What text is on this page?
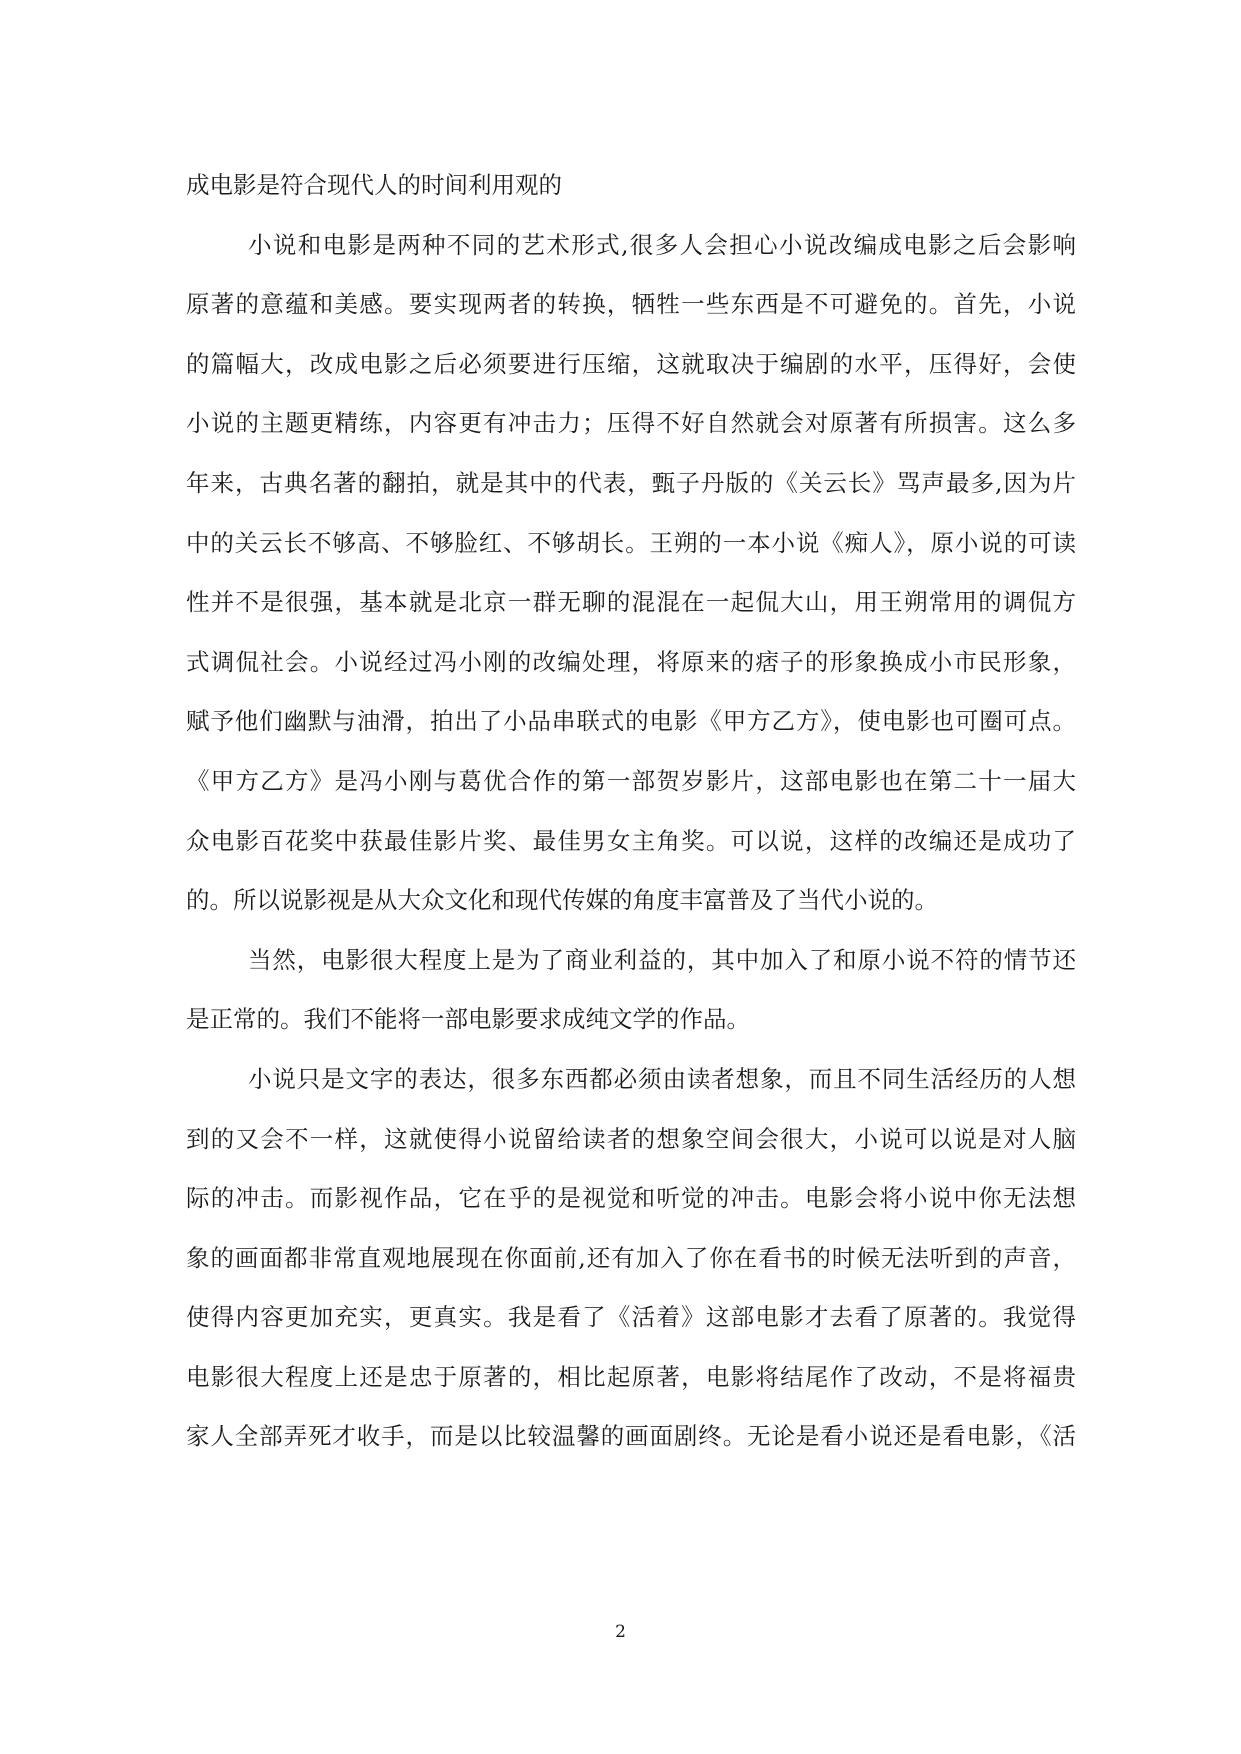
成电影是符合现代人的时间利用观的
小说和电影是两种不同的艺术形式,很多人会担心小说改编成电影之后会影响
原著的意蕴和美感。要实现两者的转换，牺牲一些东西是不可避免的。首先，小说
的篇幅大，改成电影之后必须要进行压缩，这就取决于编剧的水平，压得好，会使
小说的主题更精练，内容更有冲击力；压得不好自然就会对原著有所损害。这么多
年来，古典名著的翻拍，就是其中的代表，甄子丹版的《关云长》骂声最多,因为片
中的关云长不够高、不够脸红、不够胡长。王朔的一本小说《痴人》，原小说的可读
性并不是很强，基本就是北京一群无聊的混混在一起侃大山，用王朔常用的调侃方
式调侃社会。小说经过冯小刚的改编处理，将原来的痞子的形象换成小市民形象，
赋予他们幽默与油滑，拍出了小品串联式的电影《甲方乙方》，使电影也可圈可点。
《甲方乙方》是冯小刚与葛优合作的第一部贺岁影片，这部电影也在第二十一届大
众电影百花奖中获最佳影片奖、最佳男女主角奖。可以说，这样的改编还是成功了
的。所以说影视是从大众文化和现代传媒的角度丰富普及了当代小说的。
当然，电影很大程度上是为了商业利益的，其中加入了和原小说不符的情节还
是正常的。我们不能将一部电影要求成纯文学的作品。
小说只是文字的表达，很多东西都必须由读者想象，而且不同生活经历的人想
到的又会不一样，这就使得小说留给读者的想象空间会很大，小说可以说是对人脑
际的冲击。而影视作品，它在乎的是视觉和听觉的冲击。电影会将小说中你无法想
象的画面都非常直观地展现在你面前,还有加入了你在看书的时候无法听到的声音，
使得内容更加充实，更真实。我是看了《活着》这部电影才去看了原著的。我觉得
电影很大程度上还是忠于原著的，相比起原著，电影将结尾作了改动，不是将福贵
家人全部弄死才收手，而是以比较温馨的画面剧终。无论是看小说还是看电影，《活
2
